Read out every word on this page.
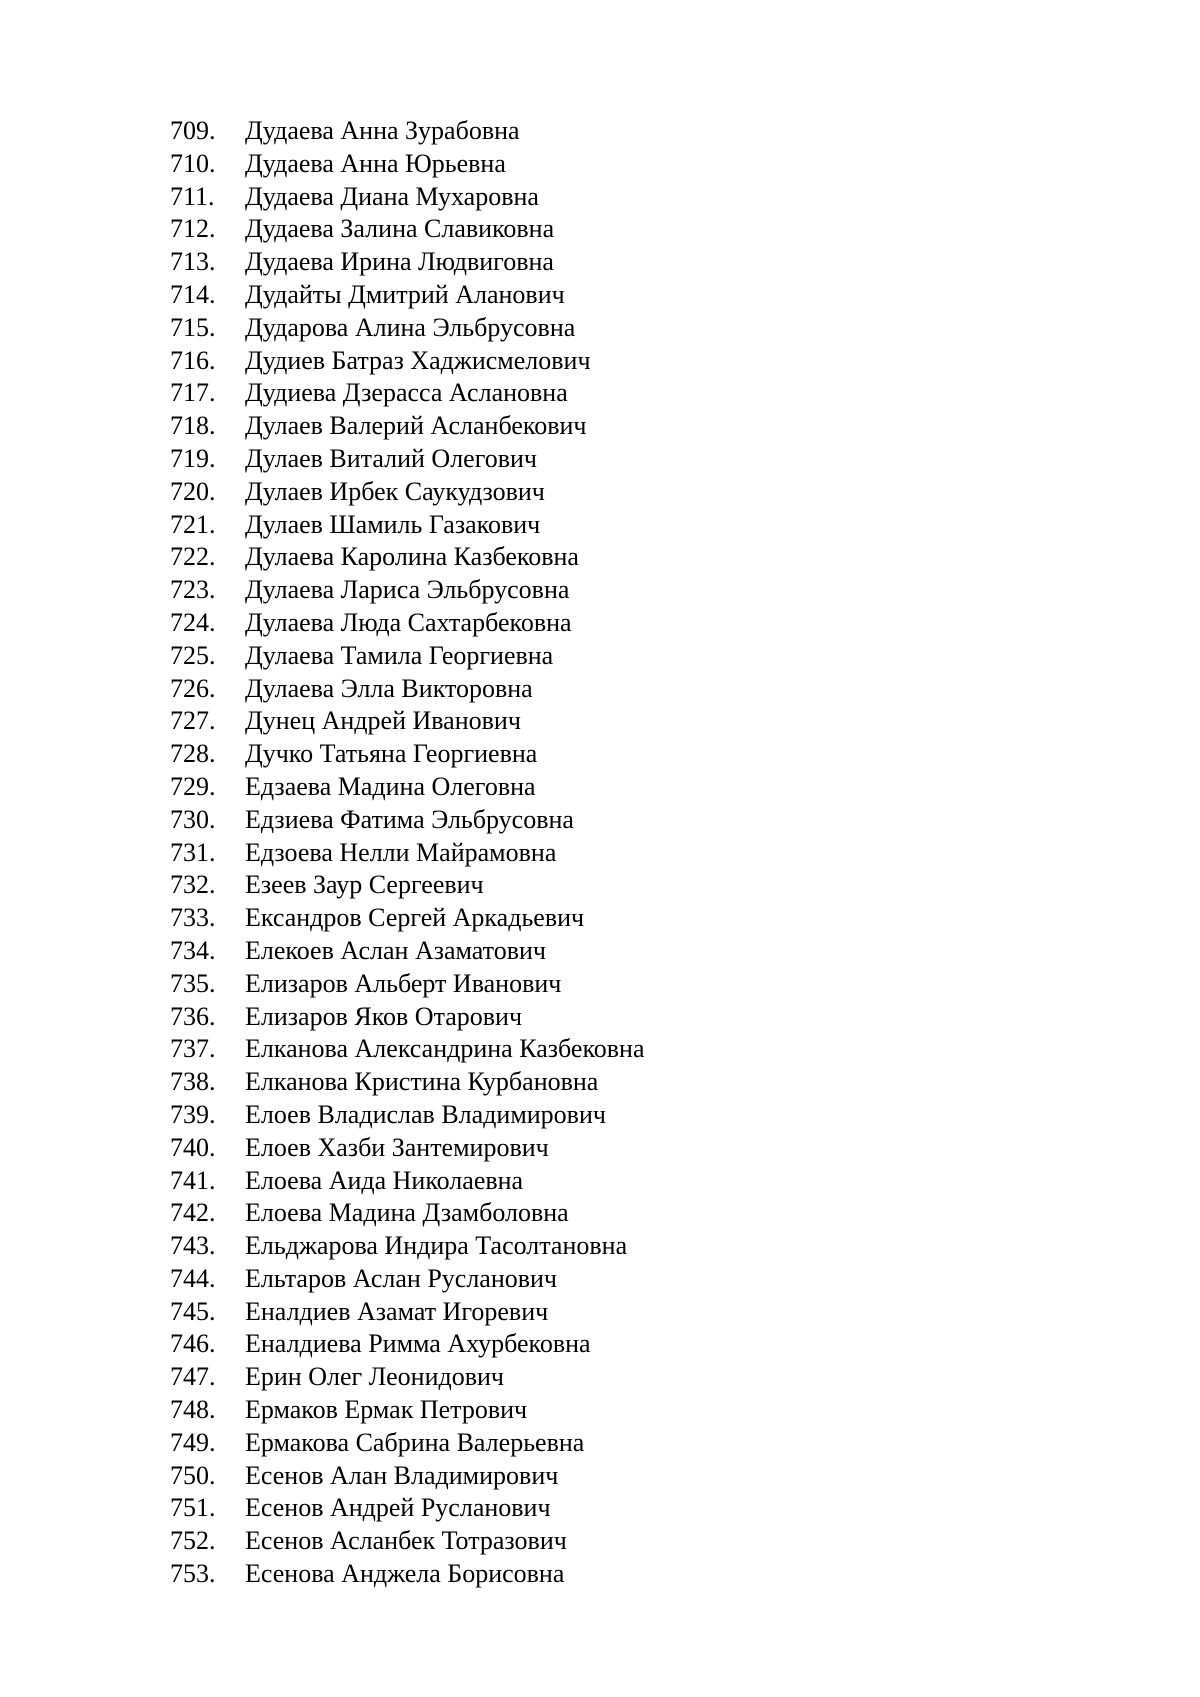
709.	Дудаева Анна Зурабовна
710.	Дудаева Анна Юрьевна
711.	Дудаева Диана Мухаровна
712.	Дудаева Залина Славиковна
713.	Дудаева Ирина Людвиговна
714.	Дудайты Дмитрий Аланович
715.	Дударова Алина Эльбрусовна
716.	Дудиев Батраз Хаджисмелович
717.	Дудиева Дзерасса Аслановна
718.	Дулаев Валерий Асланбекович
719.	Дулаев Виталий Олегович
720.	Дулаев Ирбек Саукудзович
721.	Дулаев Шамиль Газакович
722.	Дулаева Каролина Казбековна
723.	Дулаева Лариса Эльбрусовна
724.	Дулаева Люда Сахтарбековна
725.	Дулаева Тамила Георгиевна
726.	Дулаева Элла Викторовна
727.	Дунец Андрей Иванович
728.	Дучко Татьяна Георгиевна
729.	Едзаева Мадина Олеговна
730.	Едзиева Фатима Эльбрусовна
731.	Едзоева Нелли Майрамовна
732.	Езеев Заур Сергеевич
733.	Ександров Сергей Аркадьевич
734.	Елекоев Аслан Азаматович
735.	Елизаров Альберт Иванович
736.	Елизаров Яков Отарович
737.	Елканова Александрина Казбековна
738.	Елканова Кристина Курбановна
739.	Елоев Владислав Владимирович
740.	Елоев Хазби Зантемирович
741.	Елоева Аида Николаевна
742.	Елоева Мадина Дзамболовна
743.	Ельджарова Индира Тасолтановна
744.	Ельтаров Аслан Русланович
745.	Еналдиев Азамат Игоревич
746.	Еналдиева Римма Ахурбековна
747.	Ерин Олег Леонидович
748.	Ермаков Ермак Петрович
749.	Ермакова Сабрина Валерьевна
750.	Есенов Алан Владимирович
751.	Есенов Андрей Русланович
752.	Есенов Асланбек Тотразович
753.	Есенова Анджела Борисовна
